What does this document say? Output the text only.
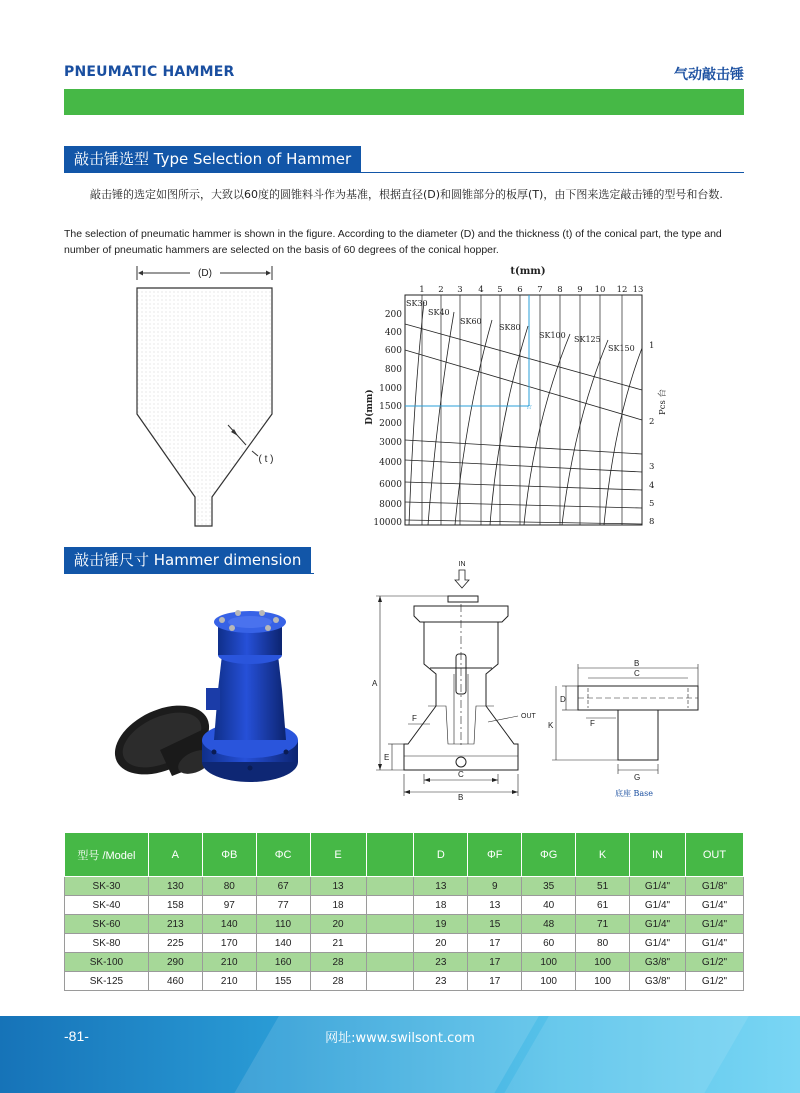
PNEUMATIC HAMMER	气动敲击锤
敲击锤选型 Type Selection of Hammer
敲击锤的选定如图所示，大致以60度的圆锥料斗作为基准，根据直径(D)和圆锥部分的板厚(T)，由下图来选定敲击锤的型号和台数.
The selection of pneumatic hammer is shown in the figure. According to the diameter (D) and the thickness (t) of the conical part, the type and number of pneumatic hammers are selected on the basis of 60 degrees of the conical hopper.
(D)
( t )
t(mm)
1 2 3 4 5 6 7 8 9 10 12 13
SK30
SK40
SK60
SK80
SK100 SK125
SK150
☆
200
400
600
800
1000
1500
2000
3000
4000
6000
8000
10000
D(mm)
1
2
3
4
5
8
Pcs 台
敲击锤尺寸 Hammer dimension	IN
A
E
F	OUT
C
B
B
C
D
K	F
G
底座 Base
型号 /Model	A	ΦB	ΦC	E		D	ΦF	ΦG	K	IN	OUT
SK-30	130	80	67	13		13	9	35	51	G1/4"	G1/8"
SK-40	158	97	77	18		18	13	40	61	G1/4"	G1/4"
SK-60	213	140	110	20		19	15	48	71	G1/4"	G1/4"
SK-80	225	170	140	21		20	17	60	80	G1/4"	G1/4"
SK-100	290	210	160	28		23	17	100	100	G3/8"	G1/2"
SK-125	460	210	155	28		23	17	100	100	G3/8"	G1/2"
-81-	网址:www.swilsont.com
